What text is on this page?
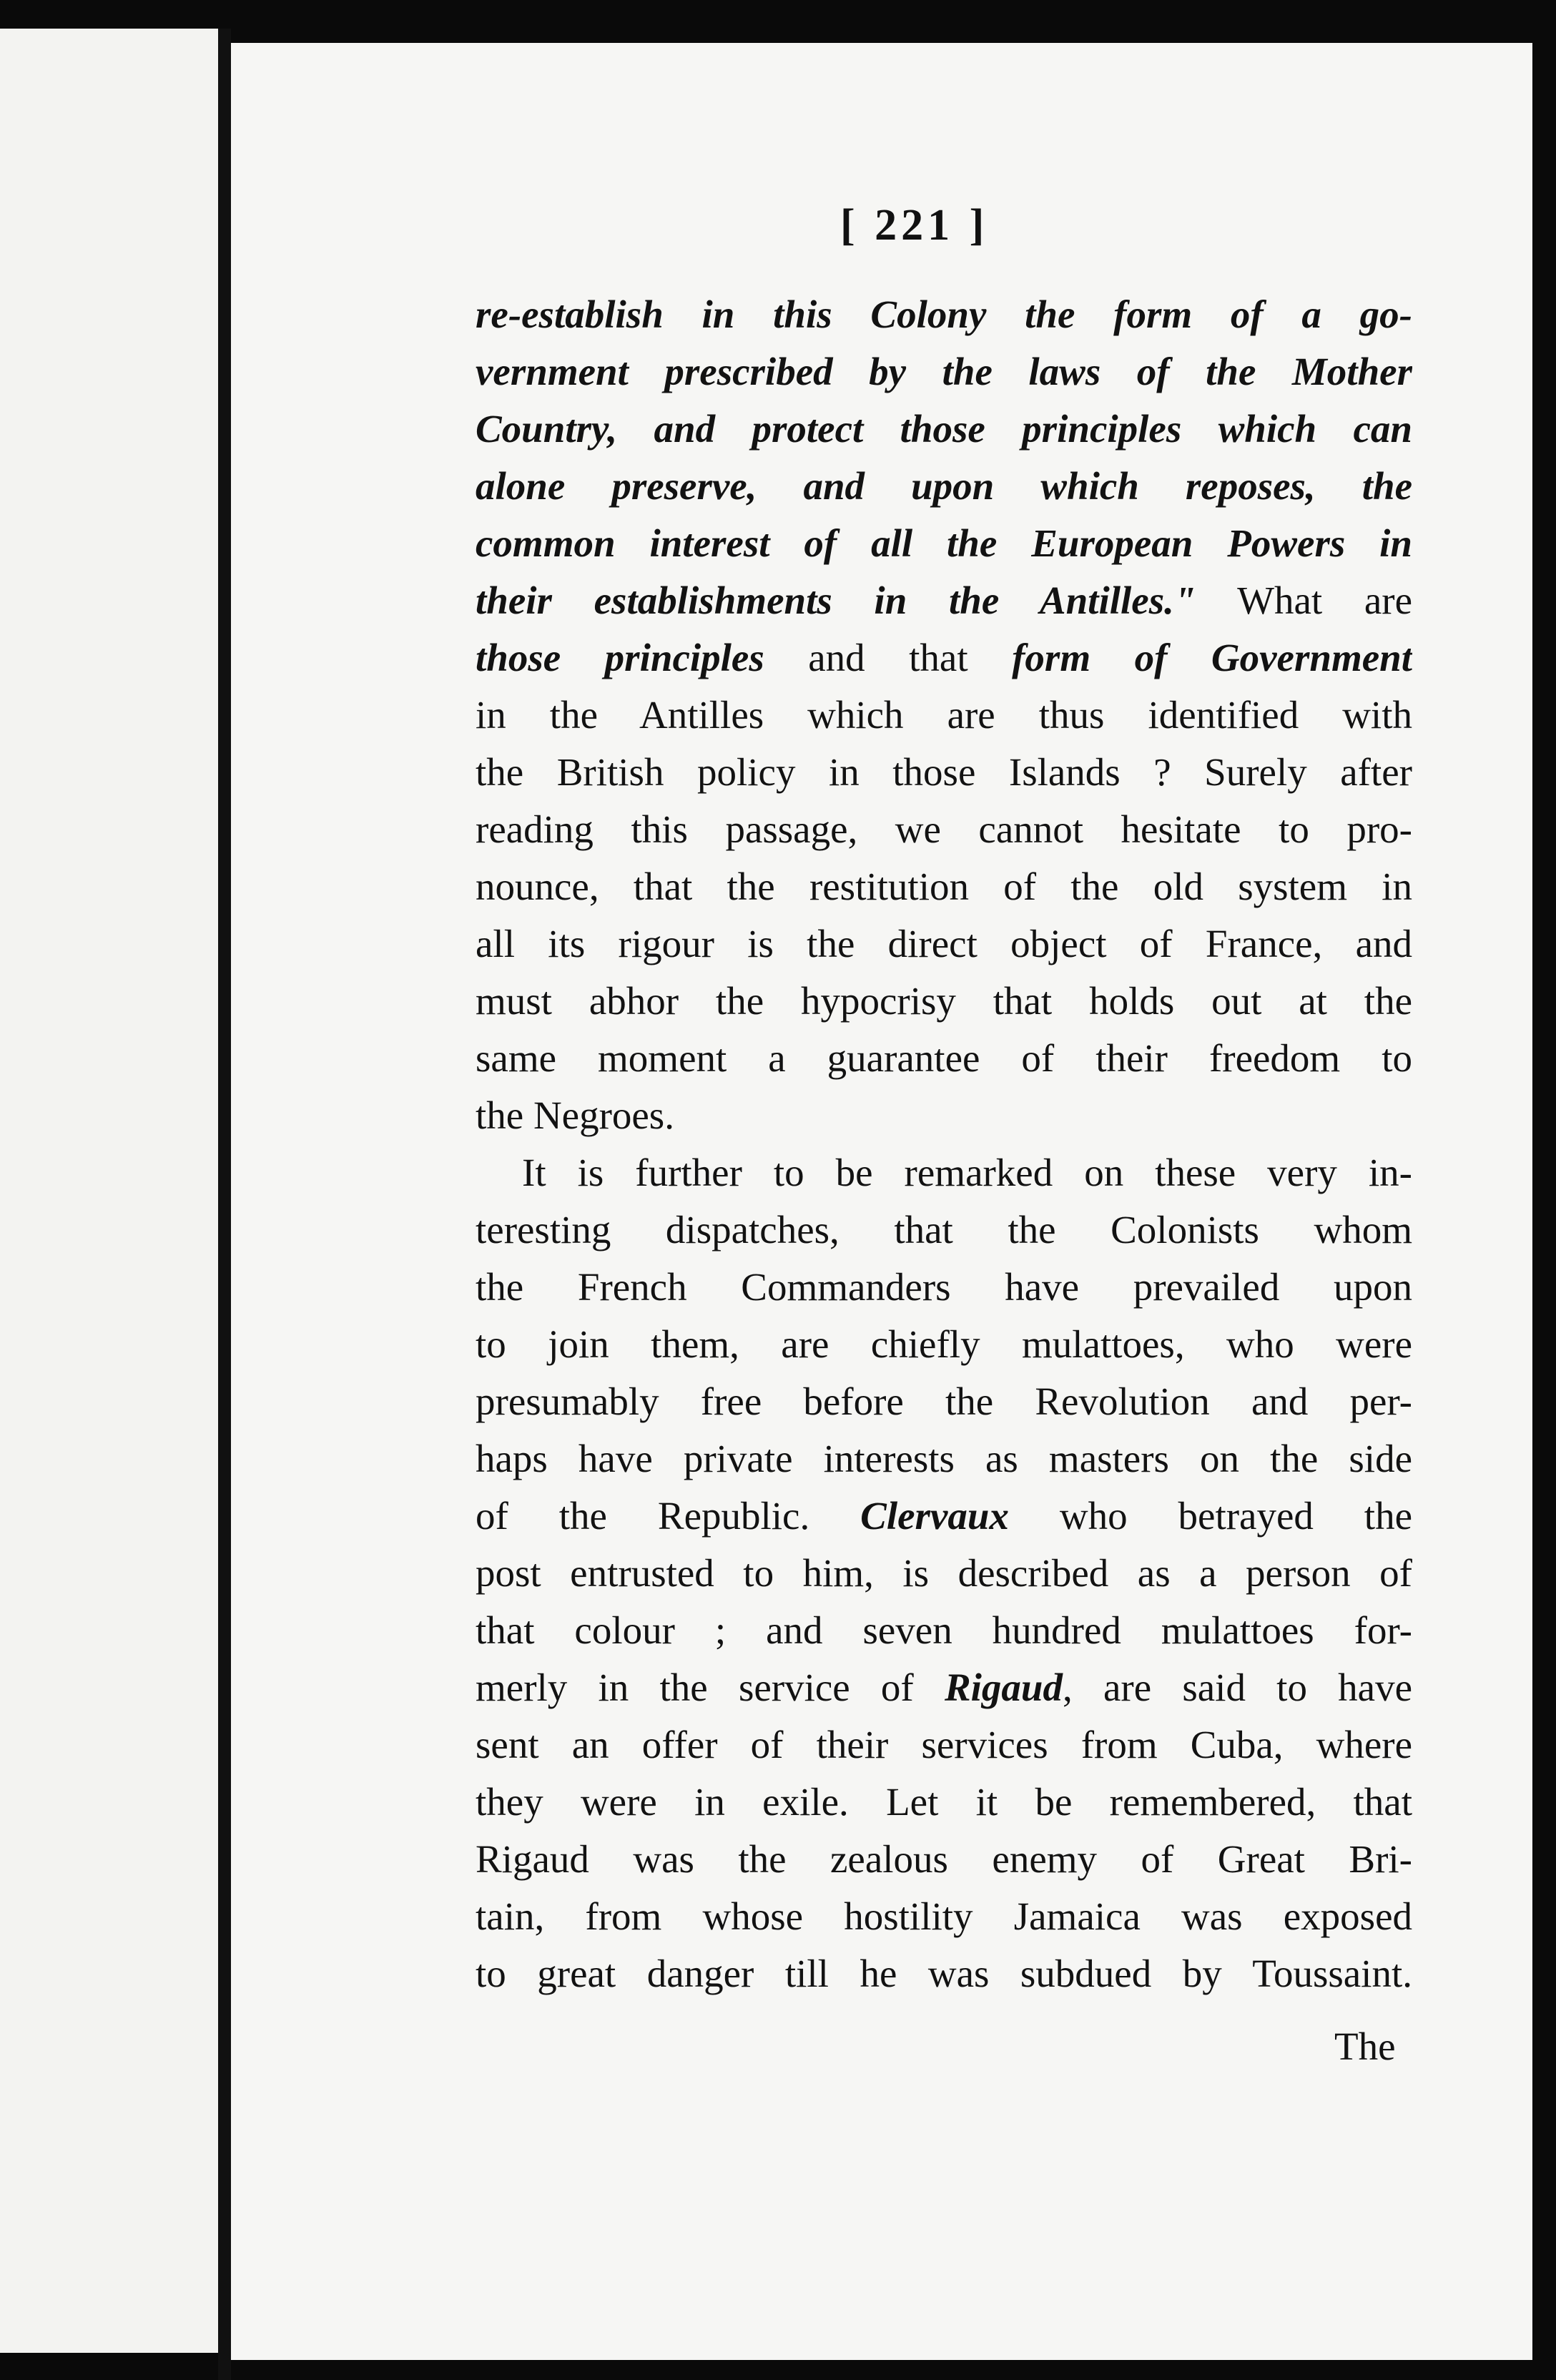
[ 221 ]
re-establish in this Colony the form of a go-
vernment prescribed by the laws of the Mother
Country, and protect those principles which can
alone preserve, and upon which reposes, the
common interest of all the European Powers in
their establishments in the Antilles." What are
those principles and that form of Government
in the Antilles which are thus identified with
the British policy in those Islands ? Surely after
reading this passage, we cannot hesitate to pro-
nounce, that the restitution of the old system in
all its rigour is the direct object of France, and
must abhor the hypocrisy that holds out at the
same moment a guarantee of their freedom to
the Negroes.
It is further to be remarked on these very in-
teresting dispatches, that the Colonists whom
the French Commanders have prevailed upon
to join them, are chiefly mulattoes, who were
presumably free before the Revolution and per-
haps have private interests as masters on the side
of the Republic. Clervaux who betrayed the
post entrusted to him, is described as a person of
that colour ; and seven hundred mulattoes for-
merly in the service of Rigaud, are said to have
sent an offer of their services from Cuba, where
they were in exile. Let it be remembered, that
Rigaud was the zealous enemy of Great Bri-
tain, from whose hostility Jamaica was exposed
to great danger till he was subdued by Toussaint.
The
